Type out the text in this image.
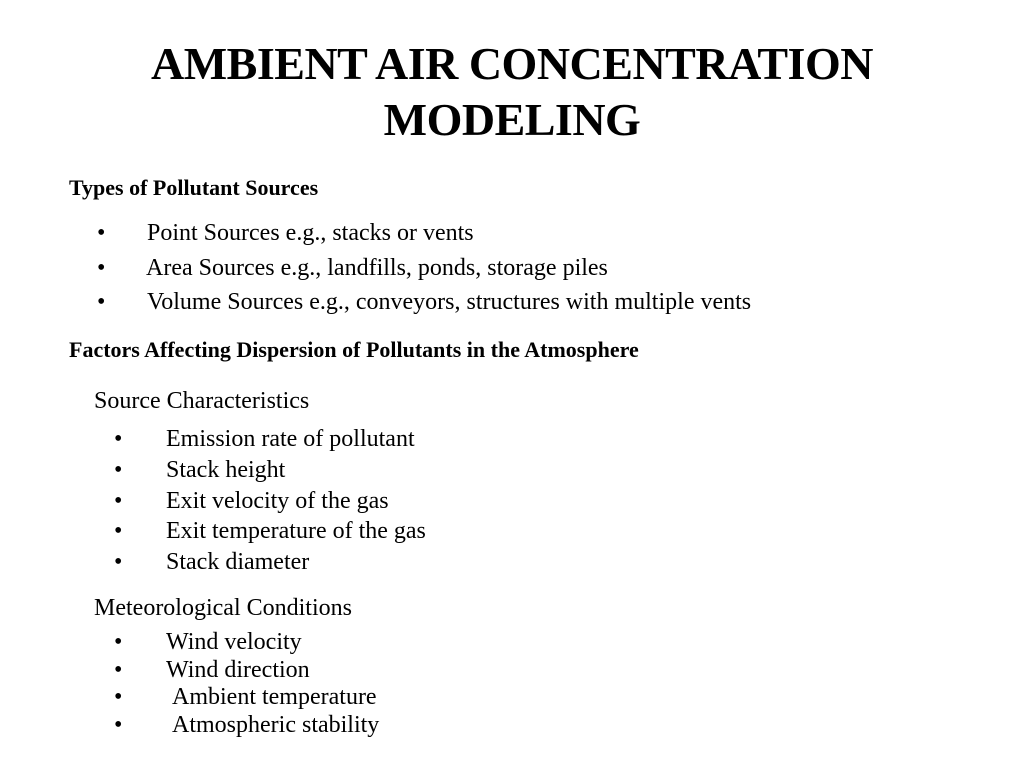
AMBIENT AIR CONCENTRATION
MODELING
Types of Pollutant Sources
• Point Sources e.g., stacks or vents
• Area Sources e.g., landfills, ponds, storage piles
• Volume Sources e.g., conveyors, structures with multiple vents
Factors Affecting Dispersion of Pollutants in the Atmosphere
Source Characteristics
• Emission rate of pollutant
• Stack height
• Exit velocity of the gas
• Exit temperature of the gas
• Stack diameter
Meteorological Conditions
• Wind velocity
• Wind direction
• Ambient temperature
• Atmospheric stability
